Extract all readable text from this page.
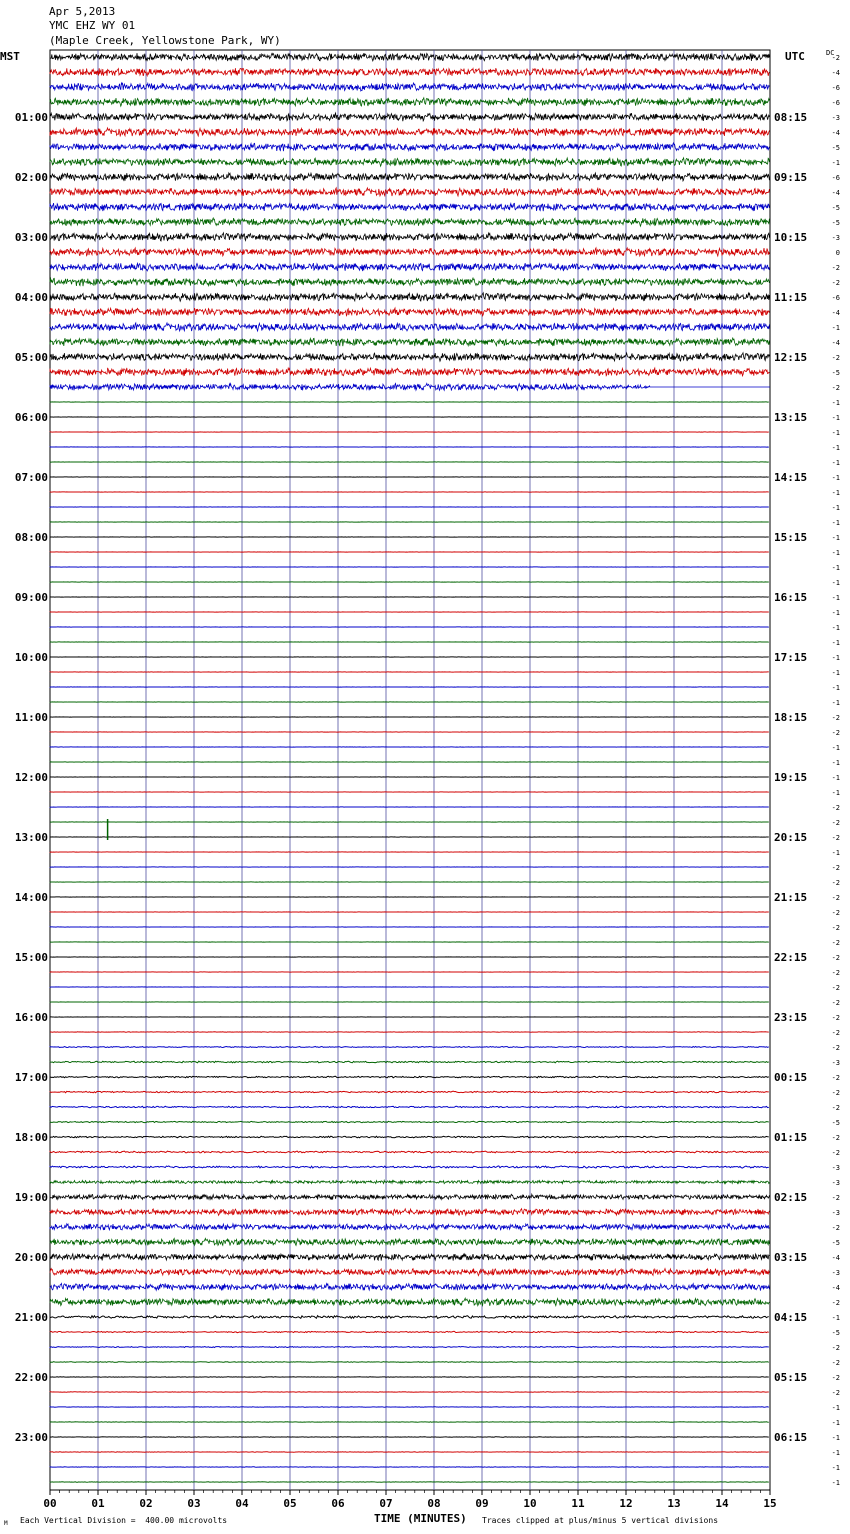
Apr 5,2013
YMC EHZ WY 01
(Maple Creek, Yellowstone Park, WY)
MST	UTC	DC
-2
-4
-6
-6
-3
-4
-5
-1
-6
-4
-5
-5
-3
0
-2
-2
-6
-4
-1
-4
-2
-5
-2
-1
-1
-1
-1
-1
-1
-1
-1
-1
-1
-1
-1
-1
-1
-1
-1
-1
-1
-1
-1
-1
-2
-2
-1
-1
-1
-1
-2
-2
-2
-1
-2
-2
-2
-2
-2
-2
-2
-2
-2
-2
-2
-2
-2
-3
-2
-2
-2
-5
-2
-2
-3
-3
-2
-3
-2
-5
-4
-3
-4
-2
-1
-5
-2
-2
-2
-2
-1
-1
-1
-1
-1
-1
01:00	08:15
02:00	09:15
03:00	10:15
04:00	11:15
05:00	12:15
06:00	13:15
07:00	14:15
08:00	15:15
09:00	16:15
10:00	17:15
11:00	18:15
12:00	19:15
13:00	20:15
14:00	21:15
15:00	22:15
16:00	23:15
17:00	00:15
18:00	01:15
19:00	02:15
20:00	03:15
21:00	04:15
22:00	05:15
23:00	06:15
00	01	02	03	04	05	06	07	08	09	10	11	12	13	14	15
M Each Vertical Division =  400.00 microvolts	TIME (MINUTES) Traces clipped at plus/minus 5 vertical divisions
